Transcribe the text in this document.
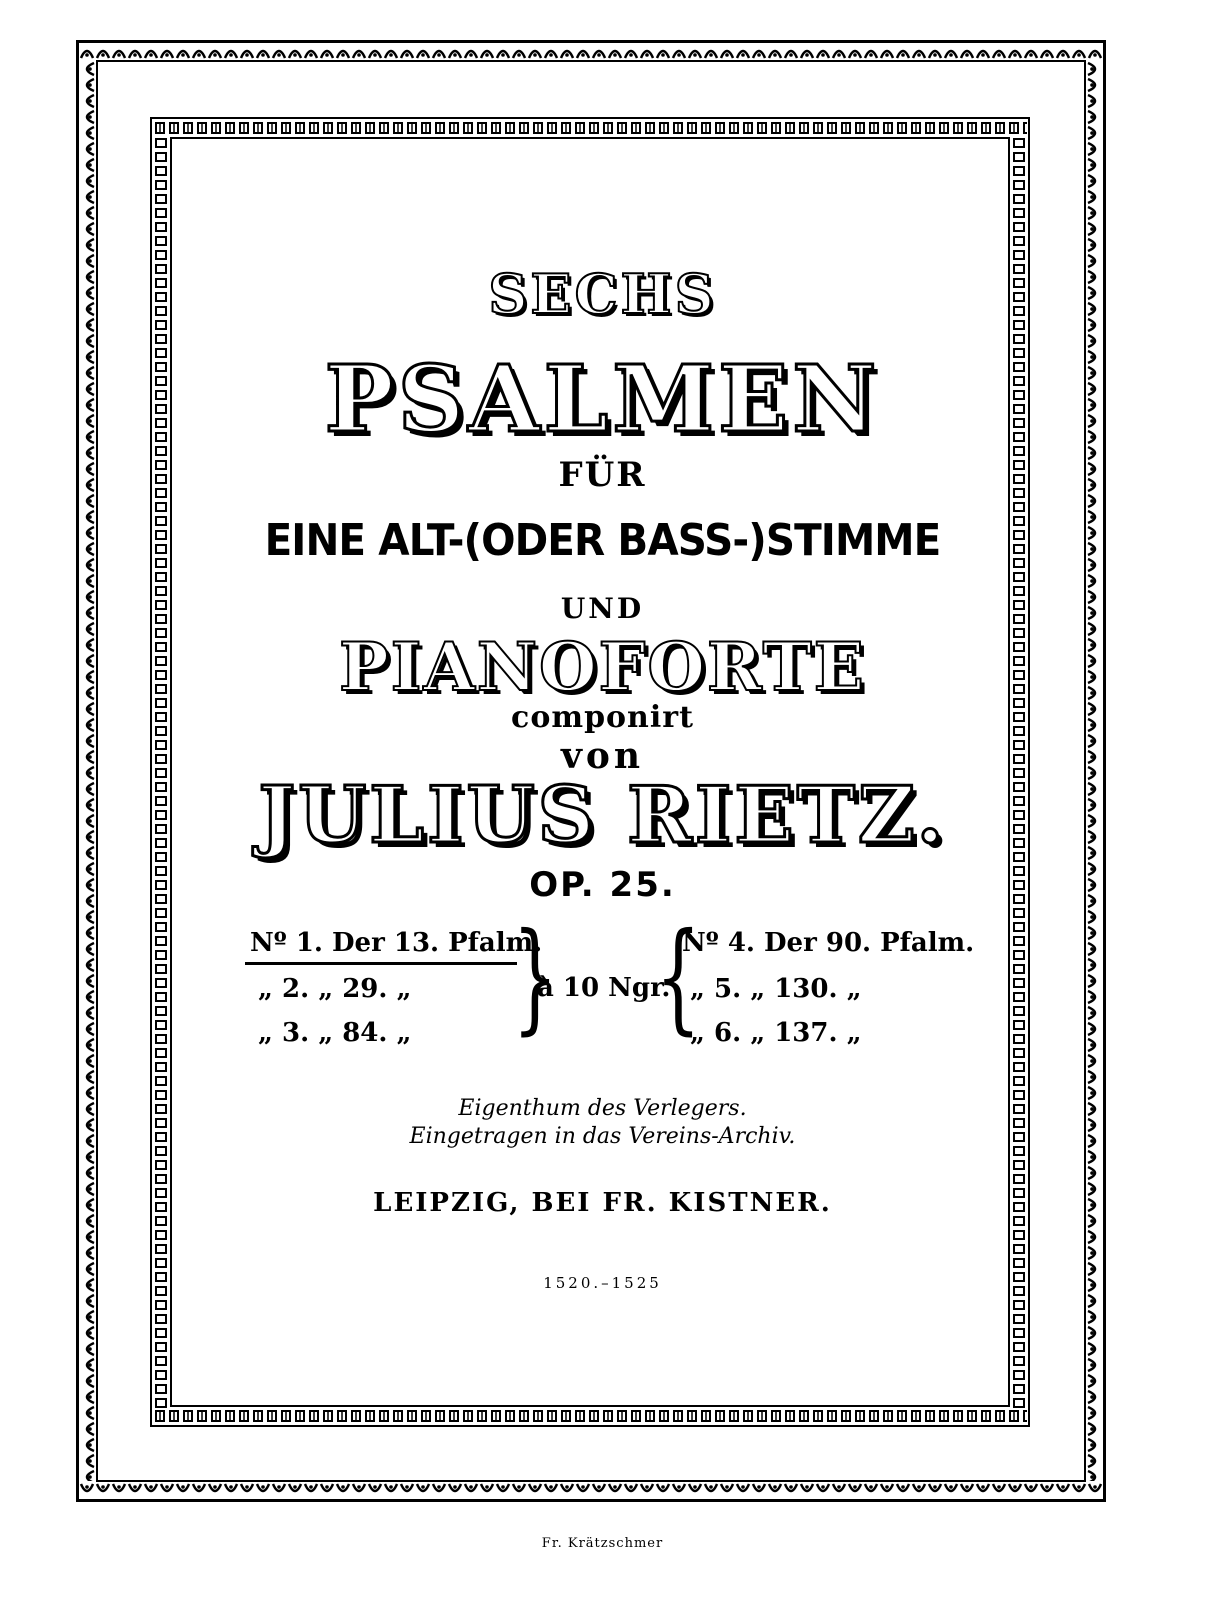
SECHS
PSALMEN
FÜR
EINE ALT-(ODER BASS-)STIMME
UND
PIANOFORTE
componirt
von
JULIUS RIETZ.
OP. 25.
Nº 1. Der 13. Pfalm.
„ 2. „ 29. „
„ 3. „ 84. „ }
à 10 Ngr.
{
Nº 4. Der 90. Pfalm.
„ 5. „ 130. „
„ 6. „ 137. „
Eigenthum des Verlegers.
Eingetragen in das Vereins-Archiv.
LEIPZIG, BEI FR. KISTNER.
1520.–1525
Fr. Krätzschmer
